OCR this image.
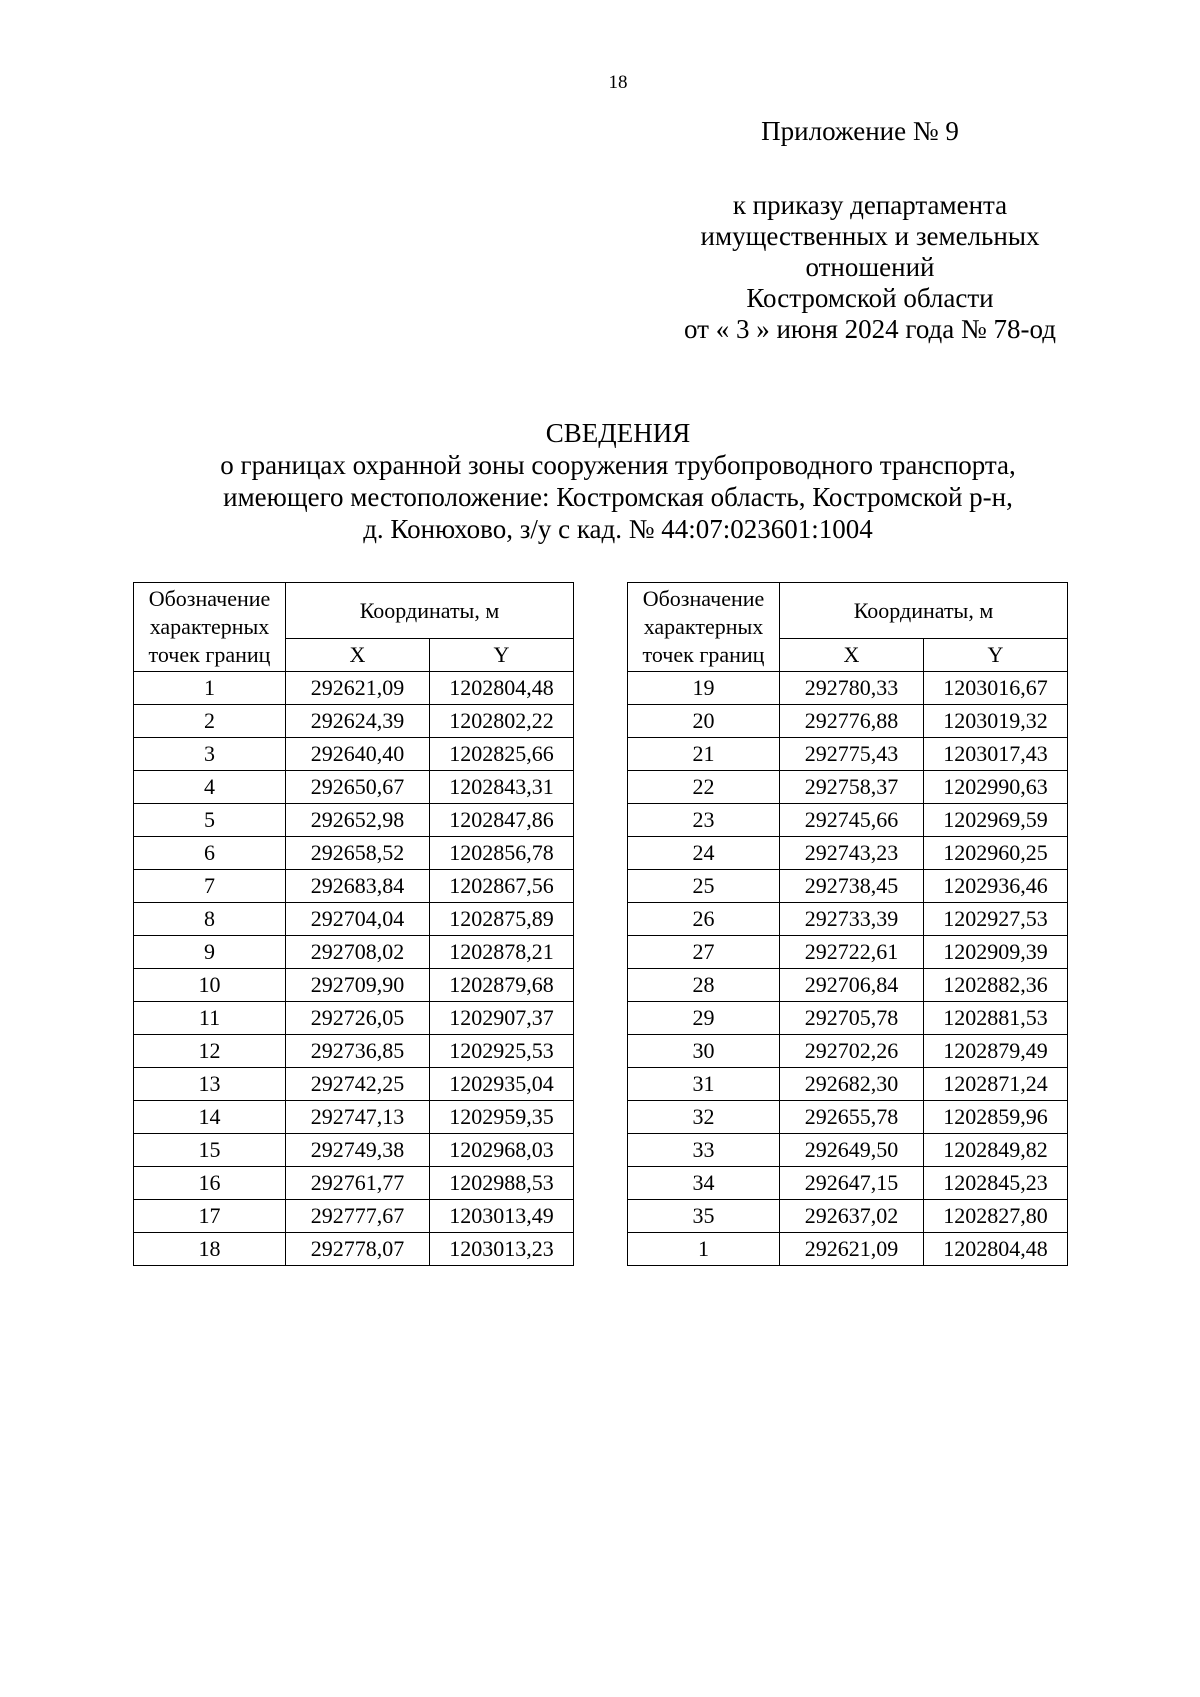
18
Приложение № 9
к приказу департамента
имущественных и земельных
отношений
Костромской области
от « 3 » июня 2024 года № 78-од
СВЕДЕНИЯ
о границах охранной зоны сооружения трубопроводного транспорта,
имеющего местоположение: Костромская область, Костромской р-н,
д. Конюхово, з/у с кад. № 44:07:023601:1004
Обозначение
характерных
точек границ	Координаты, м	
	X	Y
1	292621,09	1202804,48
2	292624,39	1202802,22
3	292640,40	1202825,66
4	292650,67	1202843,31
5	292652,98	1202847,86
6	292658,52	1202856,78
7	292683,84	1202867,56
8	292704,04	1202875,89
9	292708,02	1202878,21
10	292709,90	1202879,68
11	292726,05	1202907,37
12	292736,85	1202925,53
13	292742,25	1202935,04
14	292747,13	1202959,35
15	292749,38	1202968,03
16	292761,77	1202988,53
17	292777,67	1203013,49
18	292778,07	1203013,23
Обозначение
характерных
точек границ	Координаты, м	
	X	Y
19	292780,33	1203016,67
20	292776,88	1203019,32
21	292775,43	1203017,43
22	292758,37	1202990,63
23	292745,66	1202969,59
24	292743,23	1202960,25
25	292738,45	1202936,46
26	292733,39	1202927,53
27	292722,61	1202909,39
28	292706,84	1202882,36
29	292705,78	1202881,53
30	292702,26	1202879,49
31	292682,30	1202871,24
32	292655,78	1202859,96
33	292649,50	1202849,82
34	292647,15	1202845,23
35	292637,02	1202827,80
1	292621,09	1202804,48
